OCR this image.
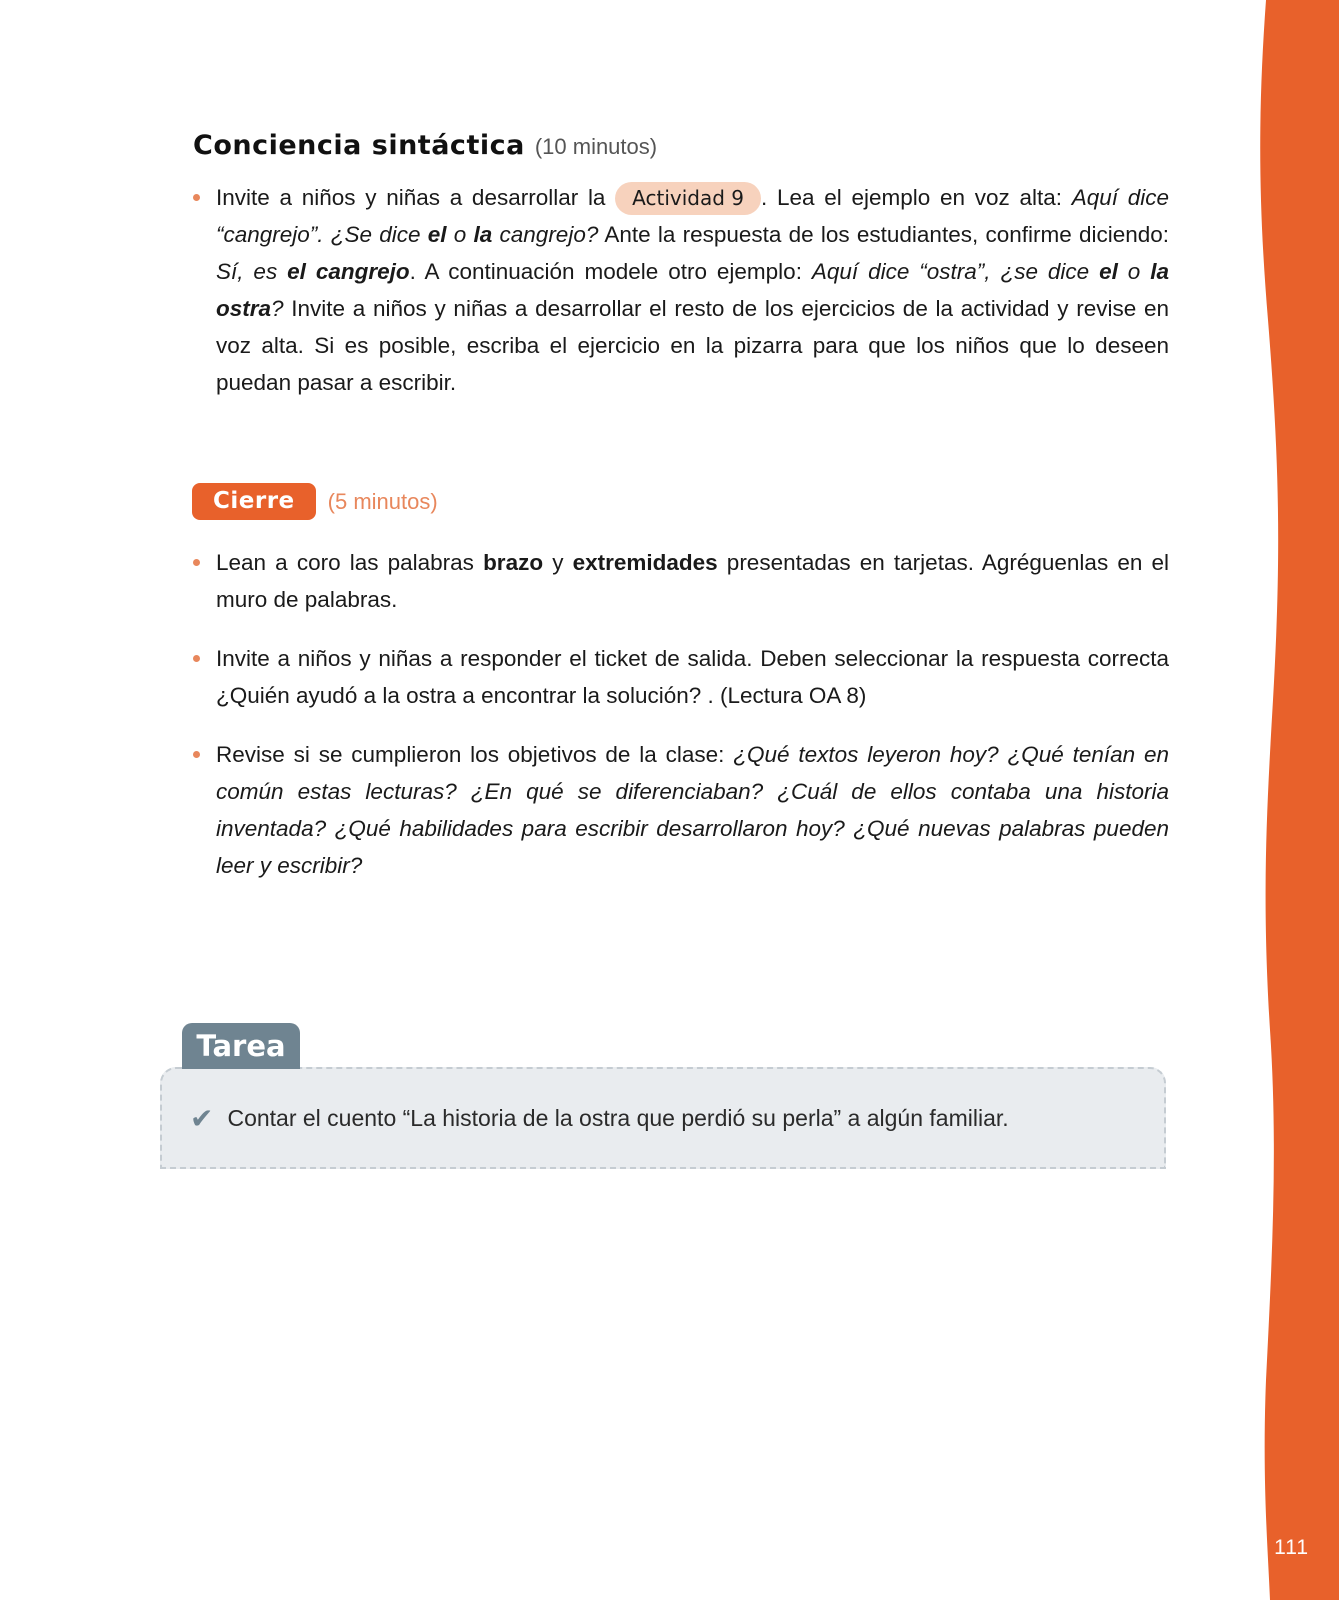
111
Conciencia sintáctica (10 minutos)
Invite a niños y niñas a desarrollar la Actividad 9 . Lea el ejemplo en voz alta: Aquí dice “cangrejo”. ¿Se dice el o la cangrejo? Ante la respuesta de los estudiantes, confirme diciendo: Sí, es el cangrejo. A continuación modele otro ejemplo: Aquí dice “ostra”, ¿se dice el o la ostra? Invite a niños y niñas a desarrollar el resto de los ejercicios de la actividad y revise en voz alta. Si es posible, escriba el ejercicio en la pizarra para que los niños que lo deseen puedan pasar a escribir.
Cierre	(5 minutos)
Lean a coro las palabras brazo y extremidades presentadas en tarjetas. Agréguenlas en el muro de palabras.
Invite a niños y niñas a responder el ticket de salida. Deben seleccionar la respuesta correcta ¿Quién ayudó a la ostra a encontrar la solución? . (Lectura OA 8)
Revise si se cumplieron los objetivos de la clase: ¿Qué textos leyeron hoy? ¿Qué tenían en común estas lecturas? ¿En qué se diferenciaban? ¿Cuál de ellos contaba una historia inventada? ¿Qué habilidades para escribir desarrollaron hoy? ¿Qué nuevas palabras pueden leer y escribir?
Tarea
✔ Contar el cuento “La historia de la ostra que perdió su perla” a algún familiar.
